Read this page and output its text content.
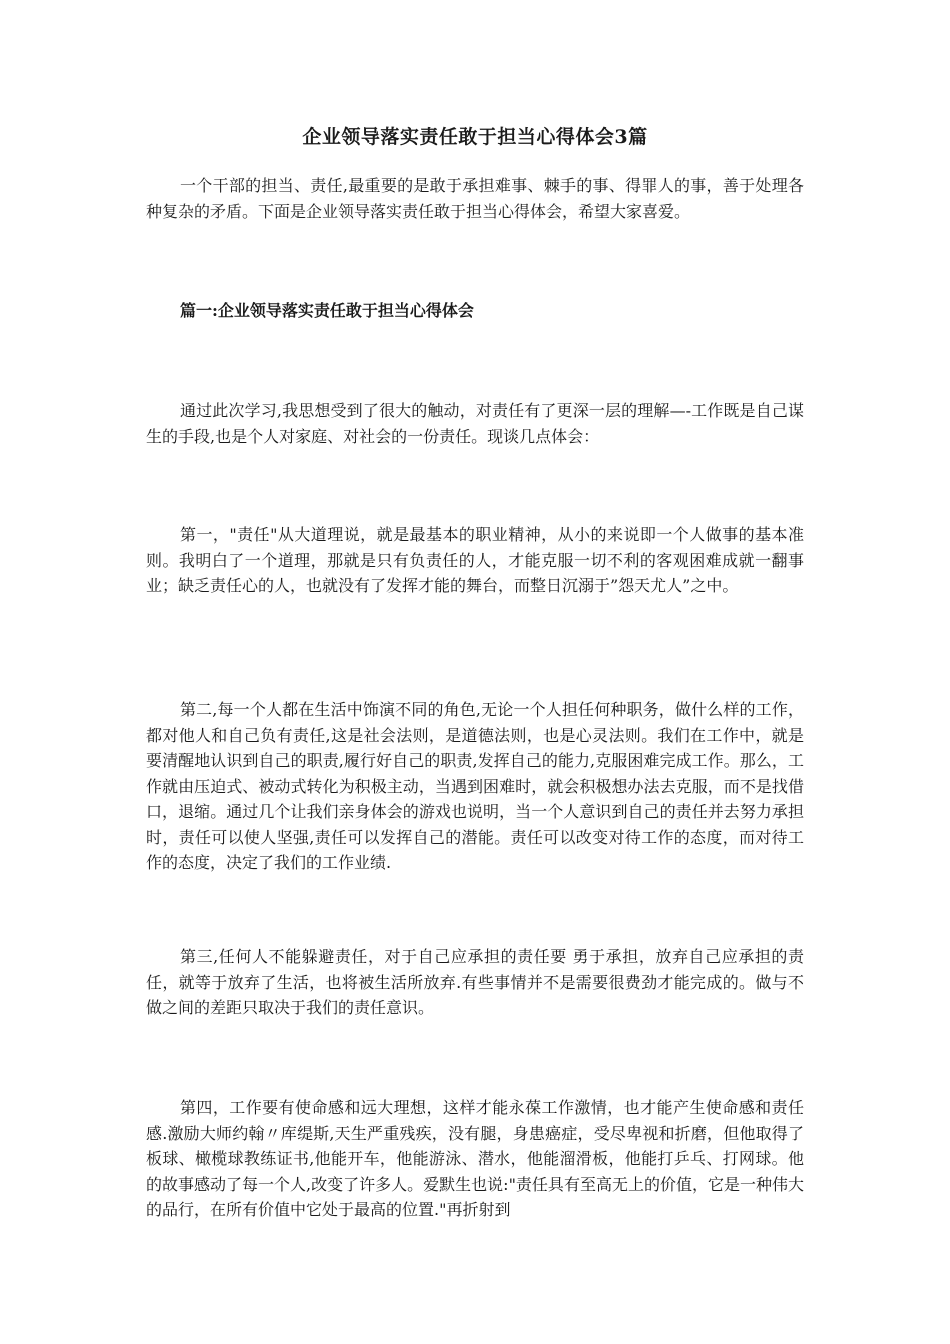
企业领导落实责任敢于担当心得体会3篇

一个干部的担当、责任,最重要的是敢于承担难事、棘手的事、得罪人的事，善于处理各种复杂的矛盾。下面是企业领导落实责任敢于担当心得体会，希望大家喜爱。

篇一:企业领导落实责任敢于担当心得体会

通过此次学习,我思想受到了很大的触动，对责任有了更深一层的理解—-工作既是自己谋生的手段,也是个人对家庭、对社会的一份责任。现谈几点体会：

第一，"责任"从大道理说，就是最基本的职业精神，从小的来说即一个人做事的基本准则。我明白了一个道理，那就是只有负责任的人，才能克服一切不利的客观困难成就一翻事业；缺乏责任心的人，也就没有了发挥才能的舞台，而整日沉溺于”怨天尤人”之中。

第二,每一个人都在生活中饰演不同的角色,无论一个人担任何种职务，做什么样的工作，都对他人和自己负有责任,这是社会法则，是道德法则，也是心灵法则。我们在工作中，就是要清醒地认识到自己的职责,履行好自己的职责,发挥自己的能力,克服困难完成工作。那么，工作就由压迫式、被动式转化为积极主动，当遇到困难时，就会积极想办法去克服，而不是找借口，退缩。通过几个让我们亲身体会的游戏也说明，当一个人意识到自己的责任并去努力承担时，责任可以使人坚强,责任可以发挥自己的潜能。责任可以改变对待工作的态度，而对待工作的态度，决定了我们的工作业绩.

第三,任何人不能躲避责任，对于自己应承担的责任要 勇于承担，放弃自己应承担的责任，就等于放弃了生活，也将被生活所放弃.有些事情并不是需要很费劲才能完成的。做与不做之间的差距只取决于我们的责任意识。

第四，工作要有使命感和远大理想，这样才能永葆工作激情，也才能产生使命感和责任感.激励大师约翰〃库缇斯,天生严重残疾，没有腿，身患癌症，受尽卑视和折磨，但他取得了板球、橄榄球教练证书,他能开车，他能游泳、潜水，他能溜滑板，他能打乒乓、打网球。他的故事感动了每一个人,改变了许多人。爱默生也说:"责任具有至高无上的价值，它是一种伟大的品行，在所有价值中它处于最高的位置."再折射到
